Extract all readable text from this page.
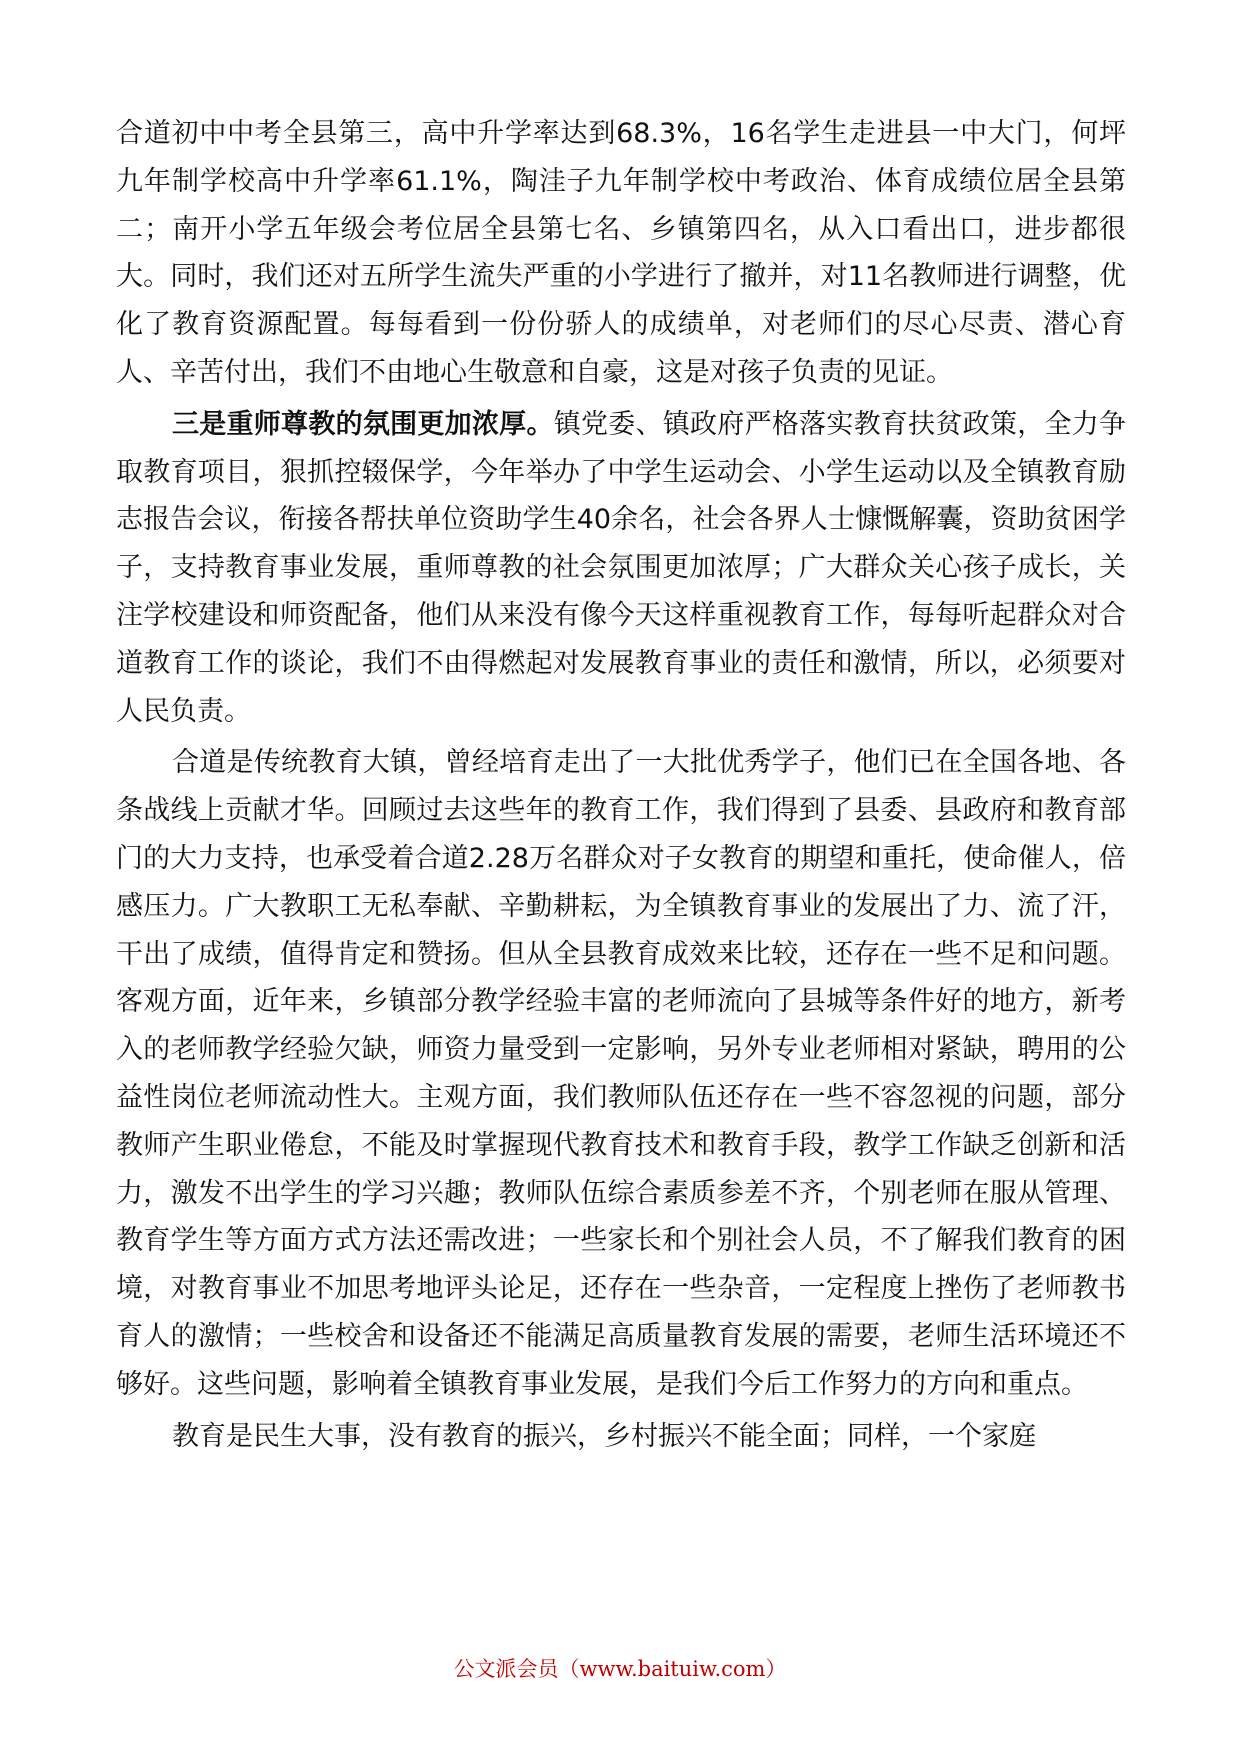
合道初中中考全县第三，高中升学率达到68.3%，16名学生走进县一中大门，何坪九年制学校高中升学率61.1%，陶洼子九年制学校中考政治、体育成绩位居全县第二；南开小学五年级会考位居全县第七名、乡镇第四名，从入口看出口，进步都很大。同时，我们还对五所学生流失严重的小学进行了撤并，对11名教师进行调整，优化了教育资源配置。每每看到一份份骄人的成绩单，对老师们的尽心尽责、潜心育人、辛苦付出，我们不由地心生敬意和自豪，这是对孩子负责的见证。

三是重师尊教的氛围更加浓厚。镇党委、镇政府严格落实教育扶贫政策，全力争取教育项目，狠抓控辍保学，今年举办了中学生运动会、小学生运动以及全镇教育励志报告会议，衔接各帮扶单位资助学生40余名，社会各界人士慷慨解囊，资助贫困学子，支持教育事业发展，重师尊教的社会氛围更加浓厚；广大群众关心孩子成长，关注学校建设和师资配备，他们从来没有像今天这样重视教育工作，每每听起群众对合道教育工作的谈论，我们不由得燃起对发展教育事业的责任和激情，所以，必须要对人民负责。

合道是传统教育大镇，曾经培育走出了一大批优秀学子，他们已在全国各地、各条战线上贡献才华。回顾过去这些年的教育工作，我们得到了县委、县政府和教育部门的大力支持，也承受着合道2.28万名群众对子女教育的期望和重托，使命催人，倍感压力。广大教职工无私奉献、辛勤耕耘，为全镇教育事业的发展出了力、流了汗，干出了成绩，值得肯定和赞扬。但从全县教育成效来比较，还存在一些不足和问题。客观方面，近年来，乡镇部分教学经验丰富的老师流向了县城等条件好的地方，新考入的老师教学经验欠缺，师资力量受到一定影响，另外专业老师相对紧缺，聘用的公益性岗位老师流动性大。主观方面，我们教师队伍还存在一些不容忽视的问题，部分教师产生职业倦怠，不能及时掌握现代教育技术和教育手段，教学工作缺乏创新和活力，激发不出学生的学习兴趣；教师队伍综合素质参差不齐，个别老师在服从管理、教育学生等方面方式方法还需改进；一些家长和个别社会人员，不了解我们教育的困境，对教育事业不加思考地评头论足，还存在一些杂音，一定程度上挫伤了老师教书育人的激情；一些校舍和设备还不能满足高质量教育发展的需要，老师生活环境还不够好。这些问题，影响着全镇教育事业发展，是我们今后工作努力的方向和重点。

教育是民生大事，没有教育的振兴，乡村振兴不能全面；同样，一个家庭

公文派会员（www.baituiw.com）
